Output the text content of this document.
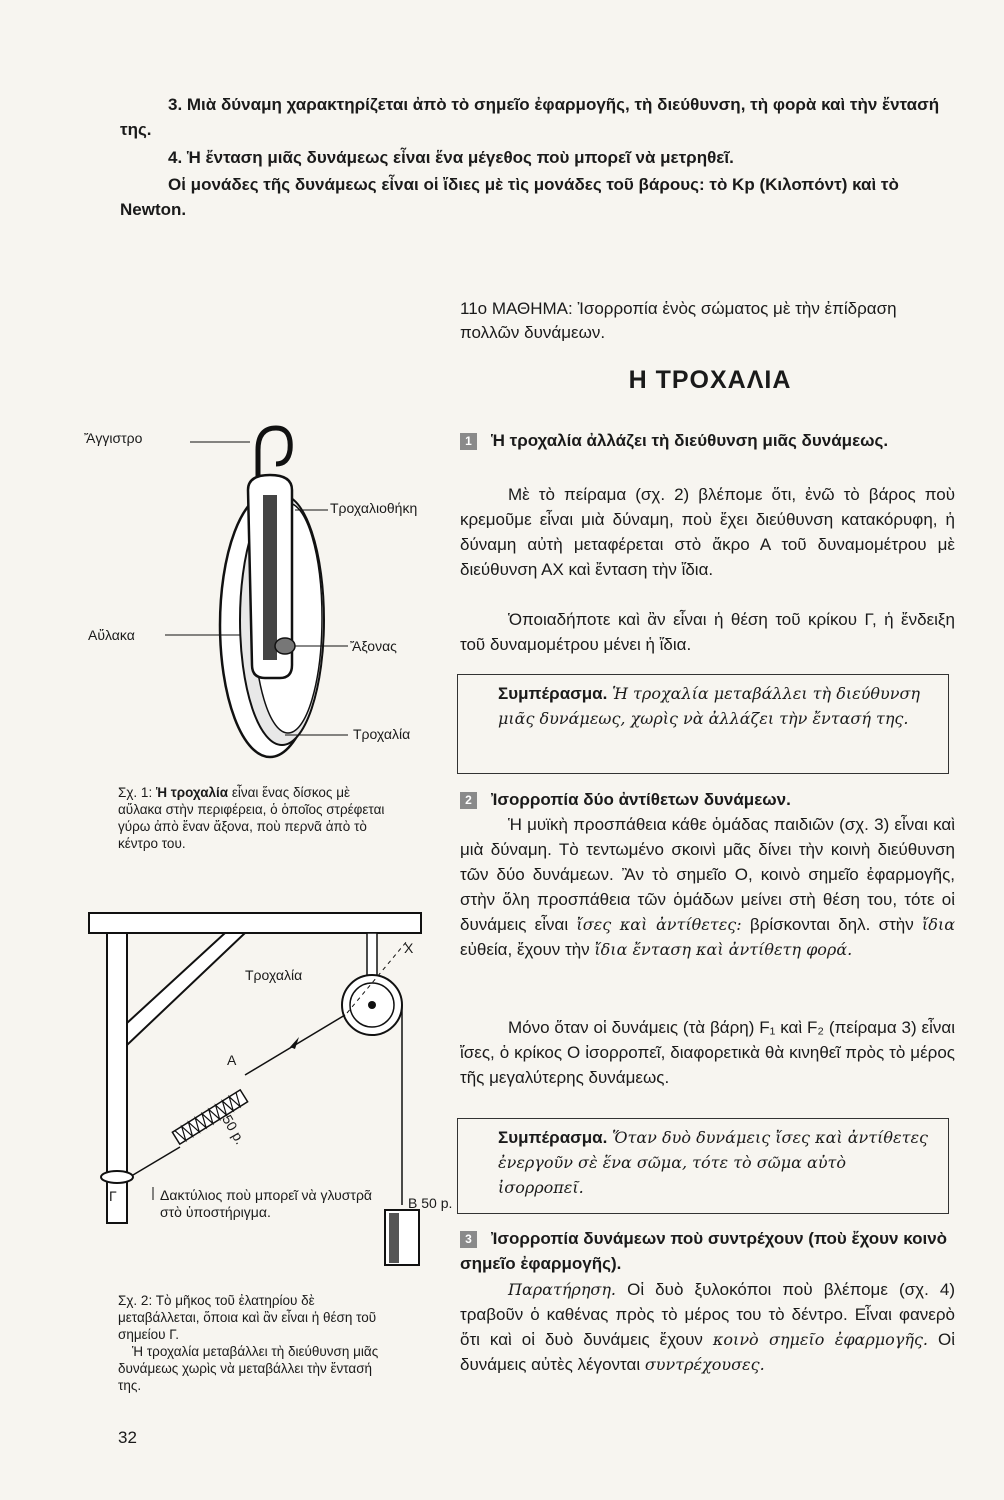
3. Μιὰ δύναμη χαρακτηρίζεται ἀπὸ τὸ σημεῖο ἐφαρμογῆς, τὴ διεύθυνση, τὴ φορὰ καὶ τὴν ἔντασή της.
4. Ἡ ἔνταση μιᾶς δυνάμεως εἶναι ἕνα μέγεθος ποὺ μπορεῖ νὰ μετρηθεῖ.
Οἱ μονάδες τῆς δυνάμεως εἶναι οἱ ἴδιες μὲ τὶς μονάδες τοῦ βάρους: τὸ Kp (Κιλοπόντ) καὶ τὸ Newton.
11ο ΜΑΘΗΜΑ: Ἰσορροπία ἑνὸς σώματος μὲ τὴν ἐπίδραση πολλῶν δυνάμεων.
Η ΤΡΟΧΑΛΙΑ
1 Ἡ τροχαλία ἀλλάζει τὴ διεύθυνση μιᾶς δυνάμεως.
Μὲ τὸ πείραμα (σχ. 2) βλέπομε ὅτι, ἐνῶ τὸ βάρος ποὺ κρεμοῦμε εἶναι μιὰ δύναμη, ποὺ ἔχει διεύθυνση κατακόρυφη, ἡ δύναμη αὐτὴ μεταφέρεται στὸ ἄκρο Α τοῦ δυναμομέτρου μὲ διεύθυνση ΑΧ καὶ ἔνταση τὴν ἴδια.
Ὁποιαδήποτε καὶ ἂν εἶναι ἡ θέση τοῦ κρίκου Γ, ἡ ἔνδειξη τοῦ δυναμομέτρου μένει ἡ ἴδια.
Συμπέρασμα. Ἡ τροχαλία μεταβάλλει τὴ διεύθυνση μιᾶς δυνάμεως, χωρὶς νὰ ἀλλάζει τὴν ἔντασή της.
2 Ἰσορροπία δύο ἀντίθετων δυνάμεων.
Ἡ μυϊκὴ προσπάθεια κάθε ὁμάδας παιδιῶν (σχ. 3) εἶναι καὶ μιὰ δύναμη. Τὸ τεντωμένο σκοινὶ μᾶς δίνει τὴν κοινὴ διεύθυνση τῶν δύο δυνάμεων. Ἂν τὸ σημεῖο Ο, κοινὸ σημεῖο ἐφαρμογῆς, στὴν ὅλη προσπάθεια τῶν ὁμάδων μείνει στὴ θέση του, τότε οἱ δυνάμεις εἶναι ἴσες καὶ ἀντίθετες: βρίσκονται δηλ. στὴν ἴδια εὐθεία, ἔχουν τὴν ἴδια ἔνταση καὶ ἀντίθετη φορά.
Μόνο ὅταν οἱ δυνάμεις (τὰ βάρη) F₁ καὶ F₂ (πείραμα 3) εἶναι ἴσες, ὁ κρίκος Ο ἰσορροπεῖ, διαφορετικὰ θὰ κινηθεῖ πρὸς τὸ μέρος τῆς μεγαλύτερης δυνάμεως.
Συμπέρασμα. Ὅταν δυὸ δυνάμεις ἴσες καὶ ἀντίθετες ἐνεργοῦν σὲ ἕνα σῶμα, τότε τὸ σῶμα αὐτὸ ἰσορροπεῖ.
3 Ἰσορροπία δυνάμεων ποὺ συντρέχουν (ποὺ ἔχουν κοινὸ σημεῖο ἐφαρμογῆς).
Παρατήρηση. Οἱ δυὸ ξυλοκόποι ποὺ βλέπομε (σχ. 4) τραβοῦν ὁ καθένας πρὸς τὸ μέρος του τὸ δέντρο. Εἶναι φανερὸ ὅτι καὶ οἱ δυὸ δυνάμεις ἔχουν κοινὸ σημεῖο ἐφαρμογῆς. Οἱ δυνάμεις αὐτὲς λέγονται συντρέχουσες.
Ἄγγιστρο
Τροχαλιοθήκη
Αὔλακα
Ἄξονας
Τροχαλία
Σχ. 1: Ἡ τροχαλία εἶναι ἕνας δίσκος μὲ αὔλακα στὴν περιφέρεια, ὁ ὁποῖος στρέφεται γύρω ἀπὸ ἕναν ἄξονα, ποὺ περνᾶ ἀπὸ τὸ κέντρο του.
Τροχαλία
Χ
Α
50 p.
Γ	Δακτύλιος ποὺ μπορεῖ νὰ γλυστρᾶ στὸ ὑποστήριγμα.
Β 50 p.
Σχ. 2: Τὸ μῆκος τοῦ ἐλατηρίου δὲ μεταβάλλεται, ὅποια καὶ ἂν εἶναι ἡ θέση τοῦ σημείου Γ.
Ἡ τροχαλία μεταβάλλει τὴ διεύθυνση μιᾶς δυνάμεως χωρὶς νὰ μεταβάλλει τὴν ἔντασή της.
32
